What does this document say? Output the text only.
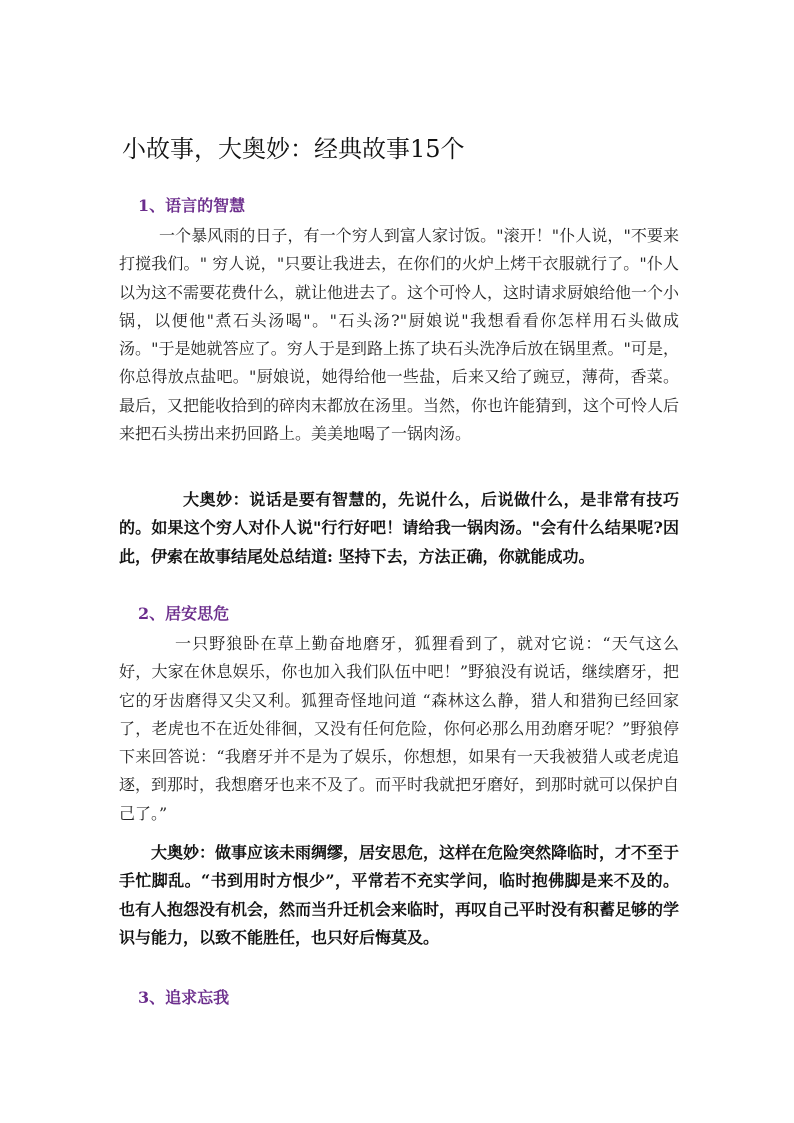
小故事，大奥妙：经典故事15个
1、语言的智慧

一个暴风雨的日子，有一个穷人到富人家讨饭。"滚开！"仆人说，"不要来打搅我们。" 穷人说，"只要让我进去，在你们的火炉上烤干衣服就行了。"仆人以为这不需要花费什么，就让他进去了。这个可怜人，这时请求厨娘给他一个小锅，以便他"煮石头汤喝"。"石头汤?"厨娘说"我想看看你怎样用石头做成汤。"于是她就答应了。穷人于是到路上拣了块石头洗净后放在锅里煮。"可是，你总得放点盐吧。"厨娘说，她得给他一些盐，后来又给了豌豆，薄荷，香菜。最后，又把能收拾到的碎肉末都放在汤里。当然，你也许能猜到，这个可怜人后来把石头捞出来扔回路上。美美地喝了一锅肉汤。

大奥妙：说话是要有智慧的，先说什么，后说做什么，是非常有技巧的。如果这个穷人对仆人说"行行好吧！请给我一锅肉汤。"会有什么结果呢?因此，伊索在故事结尾处总结道: 坚持下去，方法正确，你就能成功。

2、居安思危

一只野狼卧在草上勤奋地磨牙，狐狸看到了，就对它说：“天气这么好，大家在休息娱乐，你也加入我们队伍中吧！”野狼没有说话，继续磨牙，把它的牙齿磨得又尖又利。狐狸奇怪地问道 “森林这么静，猎人和猎狗已经回家了，老虎也不在近处徘徊，又没有任何危险，你何必那么用劲磨牙呢？”野狼停下来回答说：“我磨牙并不是为了娱乐，你想想，如果有一天我被猎人或老虎追逐，到那时，我想磨牙也来不及了。而平时我就把牙磨好，到那时就可以保护自己了。”

大奥妙：做事应该未雨绸缪，居安思危，这样在危险突然降临时，才不至于手忙脚乱。“书到用时方恨少”，平常若不充实学问，临时抱佛脚是来不及的。也有人抱怨没有机会，然而当升迁机会来临时，再叹自己平时没有积蓄足够的学识与能力，以致不能胜任，也只好后悔莫及。

3、追求忘我
